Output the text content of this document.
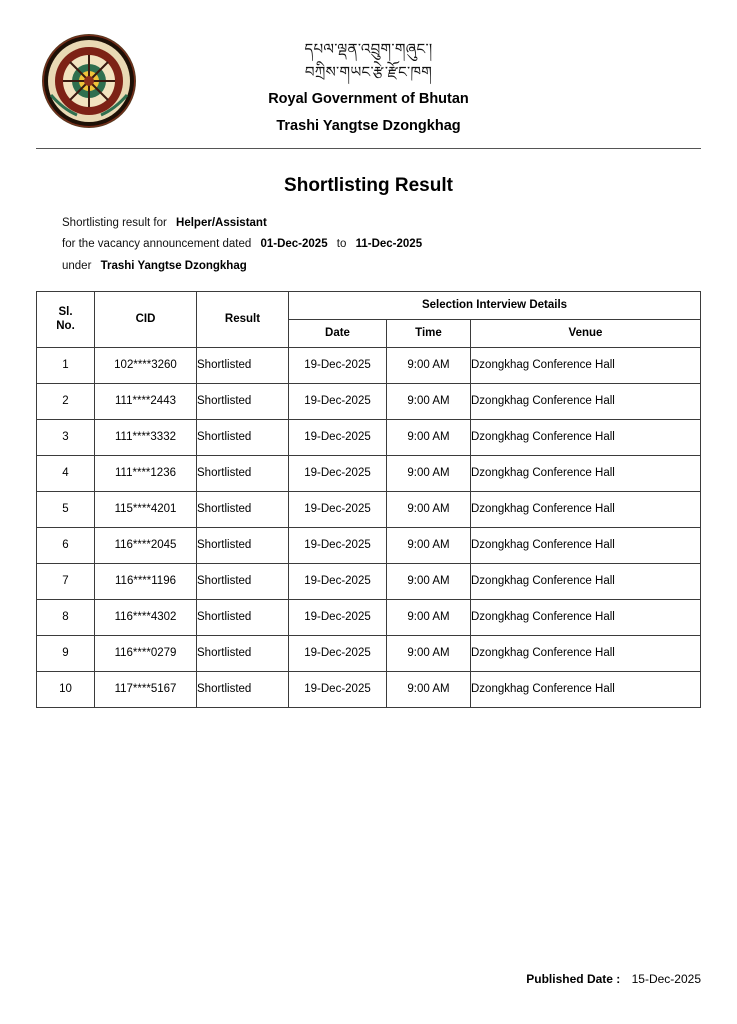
དཔལ་ལྡན་འབྲུག་གཞུང་།
བཀྲིས་གཡང་རྩེ་རྫོང་ཁག
Royal Government of Bhutan
Trashi Yangtse Dzongkhag
Shortlisting Result
Shortlisting result for Helper/Assistant
for the vacancy announcement dated 01-Dec-2025 to 11-Dec-2025
under Trashi Yangtse Dzongkhag
Sl.
No.	CID	Result	Selection Interview Details		
			Date	Time	Venue
1	102****3260	Shortlisted	19-Dec-2025	9:00 AM	Dzongkhag Conference Hall
2	111****2443	Shortlisted	19-Dec-2025	9:00 AM	Dzongkhag Conference Hall
3	111****3332	Shortlisted	19-Dec-2025	9:00 AM	Dzongkhag Conference Hall
4	111****1236	Shortlisted	19-Dec-2025	9:00 AM	Dzongkhag Conference Hall
5	115****4201	Shortlisted	19-Dec-2025	9:00 AM	Dzongkhag Conference Hall
6	116****2045	Shortlisted	19-Dec-2025	9:00 AM	Dzongkhag Conference Hall
7	116****1196	Shortlisted	19-Dec-2025	9:00 AM	Dzongkhag Conference Hall
8	116****4302	Shortlisted	19-Dec-2025	9:00 AM	Dzongkhag Conference Hall
9	116****0279	Shortlisted	19-Dec-2025	9:00 AM	Dzongkhag Conference Hall
10	117****5167	Shortlisted	19-Dec-2025	9:00 AM	Dzongkhag Conference Hall
Published Date : 15-Dec-2025
